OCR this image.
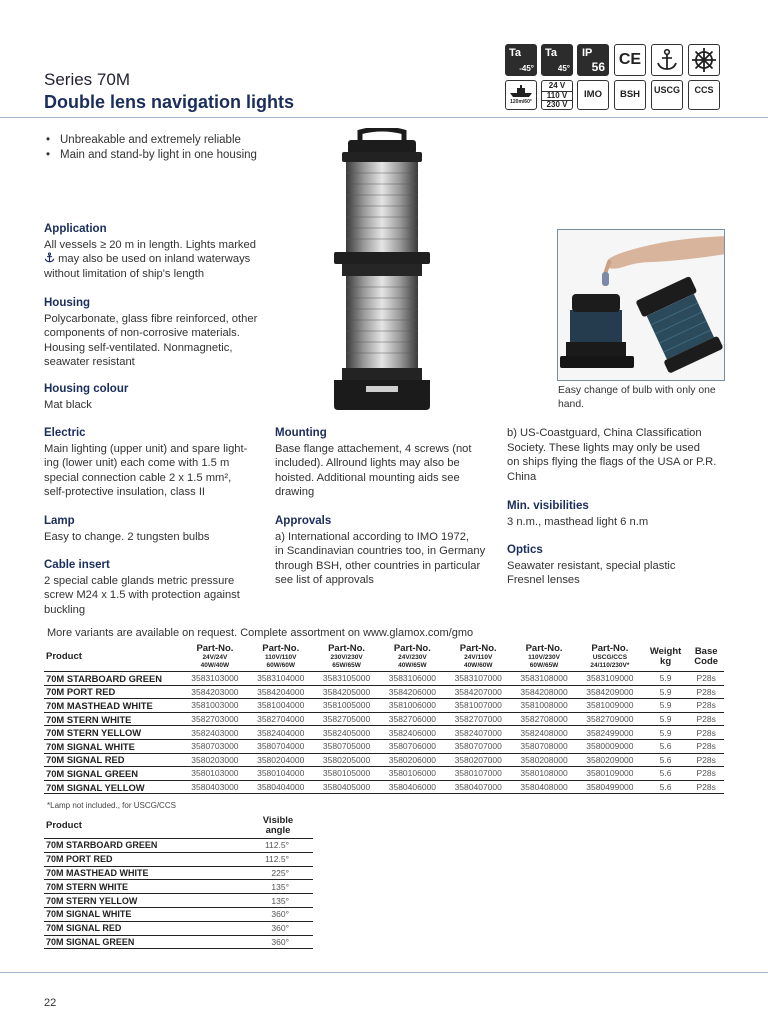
Series 70M
Double lens navigation lights
Ta
-45°
Ta
45°
IP
56 CE
120m/60°
24 V
110 V
230 V
IMO	BSH	USCG	CCS
• Unbreakable and extremely reliable
• Main and stand-by light in one housing
Application

All vessels ≥ 20 m in length. Lights marked

may also be used on inland waterways

without limitation of ship's length

Housing

Polycarbonate, glass fibre reinforced, other

components of non-corrosive materials.

Housing self-ventilated. Nonmagnetic,

seawater resistant

Housing colour

Mat black

Electric

Main lighting (upper unit) and spare light-

ing (lower unit) each come with 1.5 m

special connection cable 2 x 1.5 mm²,

self-protective insulation, class II

Lamp

Easy to change. 2 tungsten bulbs

Cable insert

2 special cable glands metric pressure

screw M24 x 1.5 with protection against

buckling

Mounting

Base flange attachement, 4 screws (not

included). Allround lights may also be

hoisted. Additional mounting aids see

drawing

Approvals

a) International according to IMO 1972,

in Scandinavian countries too, in Germany

through BSH, other countries in particular

see list of approvals

b) US-Coastguard, China Classification

Society. These lights may only be used

on ships flying the flags of the USA or P.R.

China

Min. visibilities

3 n.m., masthead light 6 n.m

Optics

Seawater resistant, special plastic

Fresnel lenses

Easy change of bulb with only one
hand.
More variants are available on request. Complete assortment on www.glamox.com/gmo
Product	Part-No.
24V/24V
40W/40W	Part-No.
110V/110V
60W/60W	Part-No.
230V/230V
65W/65W	Part-No.
24V/230V
40W/65W	Part-No.
24V/110V
40W/60W	Part-No.
110V/230V
60W/65W	Part-No.
USCG/CCS
24/110/230V*	Weight
kg	Base
Code

70M STARBOARD GREEN	3583103000	3583104000	3583105000	3583106000	3583107000	3583108000	3583109000	5.9	P28s
70M PORT RED	3584203000	3584204000	3584205000	3584206000	3584207000	3584208000	3584209000	5.9	P28s
70M MASTHEAD WHITE	3581003000	3581004000	3581005000	3581006000	3581007000	3581008000	3581009000	5.9	P28s
70M STERN WHITE	3582703000	3582704000	3582705000	3582706000	3582707000	3582708000	3582709000	5.9	P28s
70M STERN YELLOW	3582403000	3582404000	3582405000	3582406000	3582407000	3582408000	3582499000	5.9	P28s
70M SIGNAL WHITE	3580703000	3580704000	3580705000	3580706000	3580707000	3580708000	3580009000	5.6	P28s
70M SIGNAL RED	3580203000	3580204000	3580205000	3580206000	3580207000	3580208000	3580209000	5.6	P28s
70M SIGNAL GREEN	3580103000	3580104000	3580105000	3580106000	3580107000	3580108000	3580109000	5.6	P28s
70M SIGNAL YELLOW	3580403000	3580404000	3580405000	3580406000	3580407000	3580408000	3580499000	5.6	P28s
*Lamp not included., for USCG/CCS
Product	Visible
angle

70M STARBOARD GREEN	112.5°
70M PORT RED	112.5°
70M MASTHEAD WHITE	225°
70M STERN WHITE	135°
70M STERN YELLOW	135°
70M SIGNAL WHITE	360°
70M SIGNAL RED	360°
70M SIGNAL GREEN	360°
22
